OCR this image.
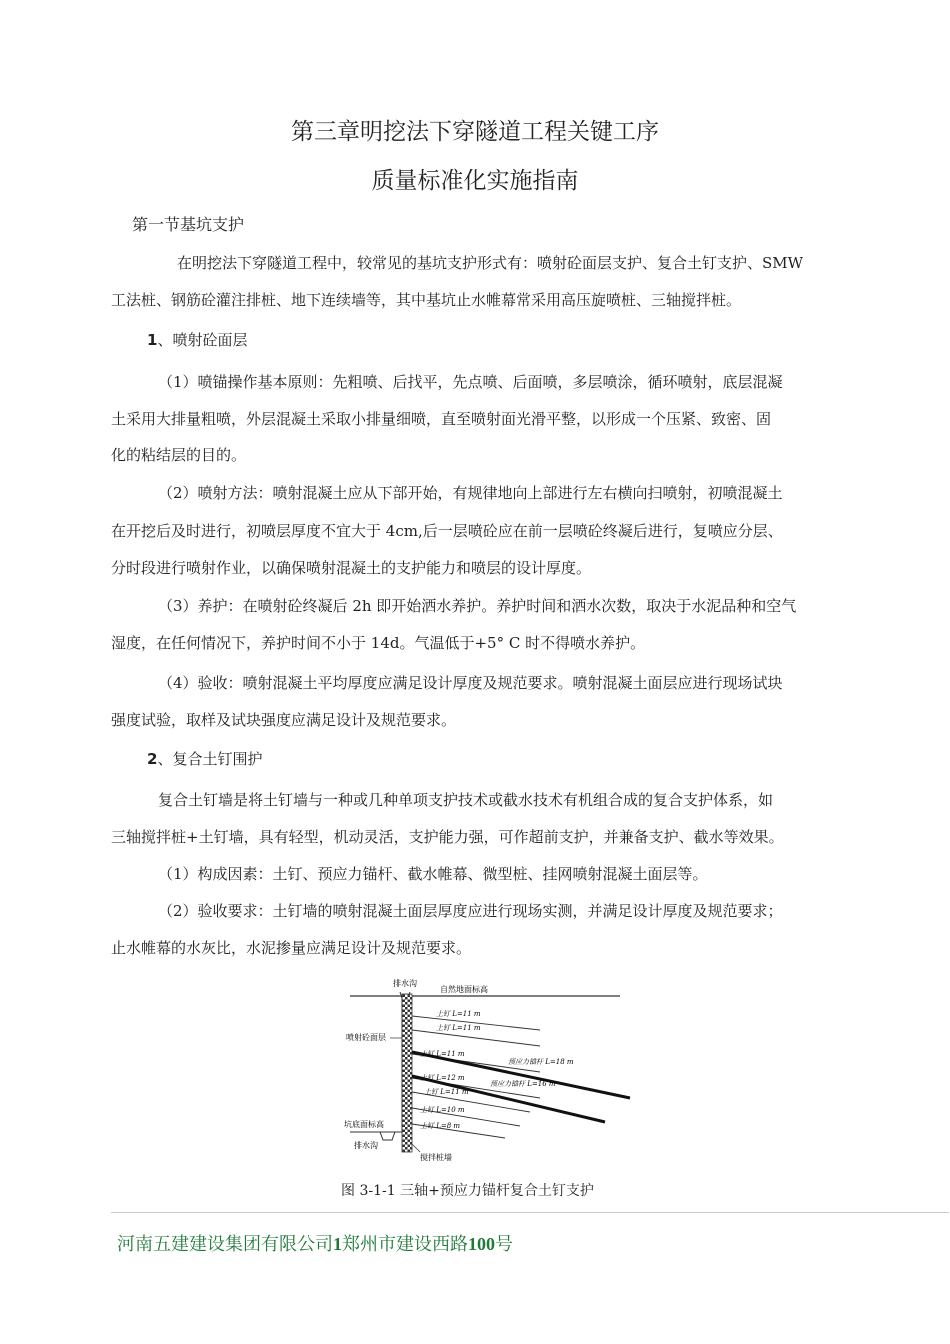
第三章明挖法下穿隧道工程关键工序
质量标准化实施指南
第一节基坑支护
在明挖法下穿隧道工程中，较常见的基坑支护形式有：喷射砼面层支护、复合土钉支护、SMW
工法桩、钢筋砼灌注排桩、地下连续墙等，其中基坑止水帷幕常采用高压旋喷桩、三轴搅拌桩。
1、喷射砼面层
（1）喷锚操作基本原则：先粗喷、后找平，先点喷、后面喷，多层喷涂，循环喷射，底层混凝
土采用大排量粗喷，外层混凝土采取小排量细喷，直至喷射面光滑平整，以形成一个压紧、致密、固
化的粘结层的目的。
（2）喷射方法：喷射混凝土应从下部开始，有规律地向上部进行左右横向扫喷射，初喷混凝土
在开挖后及时进行，初喷层厚度不宜大于 4cm,后一层喷砼应在前一层喷砼终凝后进行，复喷应分层、
分时段进行喷射作业，以确保喷射混凝土的支护能力和喷层的设计厚度。
（3）养护：在喷射砼终凝后 2h 即开始洒水养护。养护时间和洒水次数，取决于水泥品种和空气
湿度，在任何情况下，养护时间不小于 14d。气温低于+5° C 时不得喷水养护。
（4）验收：喷射混凝土平均厚度应满足设计厚度及规范要求。喷射混凝土面层应进行现场试块
强度试验，取样及试块强度应满足设计及规范要求。
2、复合土钉围护
复合土钉墙是将土钉墙与一种或几种单项支护技术或截水技术有机组合成的复合支护体系，如
三轴搅拌桩+土钉墙，具有轻型，机动灵活，支护能力强，可作超前支护，并兼备支护、截水等效果。
（1）构成因素：土钉、预应力锚杆、截水帷幕、微型桩、挂网喷射混凝土面层等。
（2）验收要求：土钉墙的喷射混凝土面层厚度应进行现场实测，并满足设计厚度及规范要求；
止水帷幕的水灰比，水泥掺量应满足设计及规范要求。
排水沟
自然地面标高
喷射砼面层
土钉 L=11 m
土钉 L=11 m
土钉 L=11 m
预应力锚杆 L=18 m
土钉 L=12 m
预应力锚杆 L=16 m
土钉 L=11 m
土钉 L=10 m
土钉 L=8 m
坑底面标高
排水沟
搅拌桩墙
图 3-1-1 三轴+预应力锚杆复合土钉支护
河南五建建设集团有限公司1郑州市建设西路100号
